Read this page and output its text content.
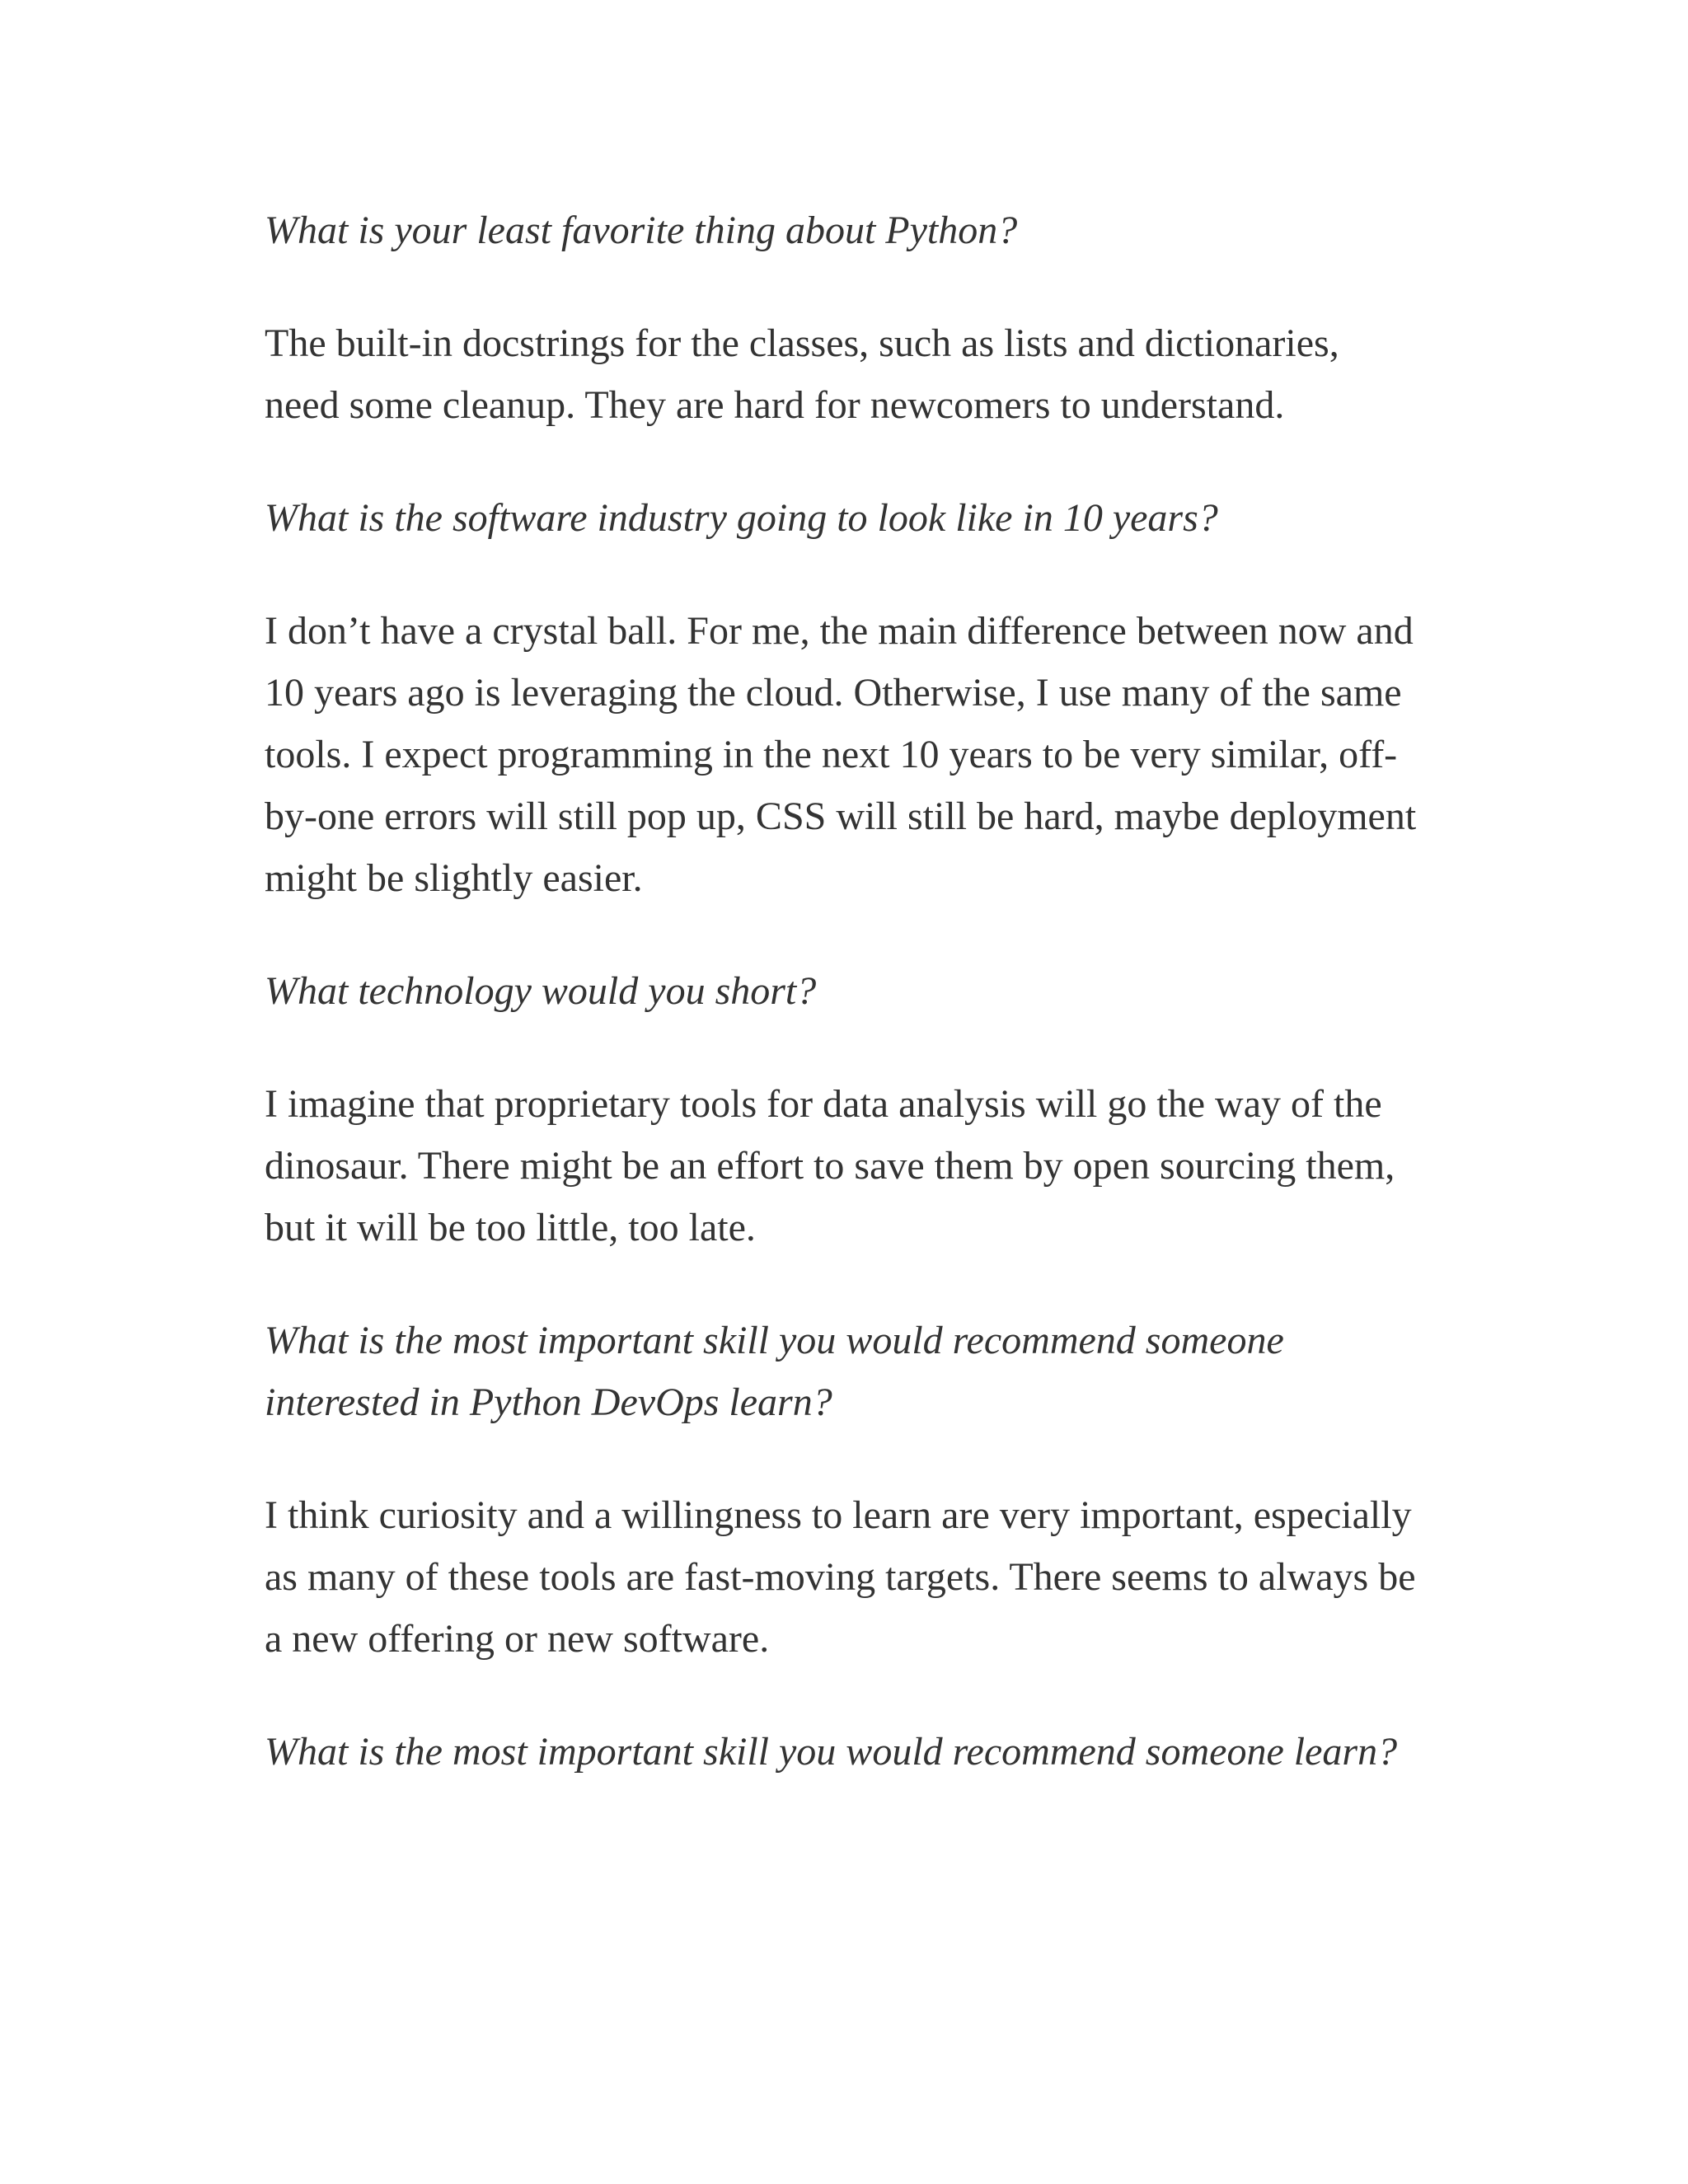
What is your least favorite thing about Python?

The built-in docstrings for the classes, such as lists and dictionaries, need some cleanup. They are hard for newcomers to understand.

What is the software industry going to look like in 10 years?

I don’t have a crystal ball. For me, the main difference between now and 10 years ago is leveraging the cloud. Otherwise, I use many of the same tools. I expect programming in the next 10 years to be very similar, off-by-one errors will still pop up, CSS will still be hard, maybe deployment might be slightly easier.

What technology would you short?

I imagine that proprietary tools for data analysis will go the way of the dinosaur. There might be an effort to save them by open sourcing them, but it will be too little, too late.

What is the most important skill you would recommend someone interested in Python DevOps learn?

I think curiosity and a willingness to learn are very important, especially as many of these tools are fast-moving targets. There seems to always be a new offering or new software.

What is the most important skill you would recommend someone learn?
